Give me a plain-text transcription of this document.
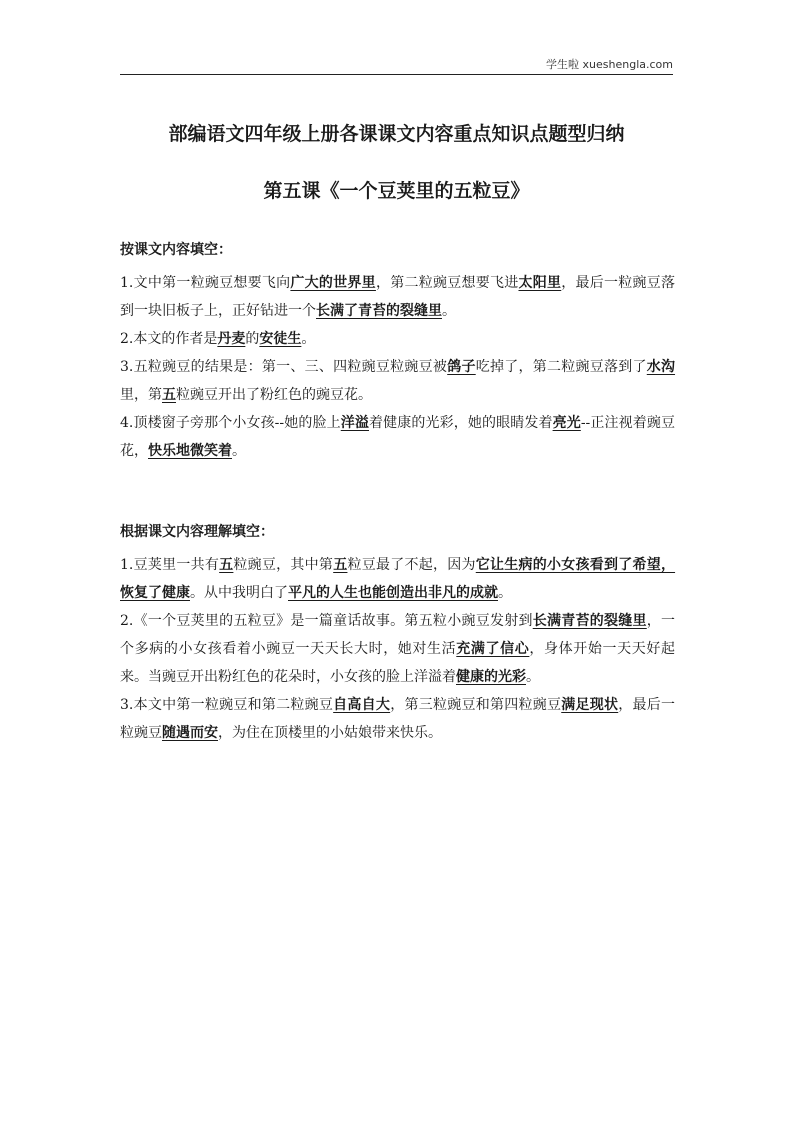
学生啦 xueshengla.com
部编语文四年级上册各课课文内容重点知识点题型归纳
第五课《一个豆荚里的五粒豆》

按课文内容填空：

1.文中第一粒豌豆想要飞向广大的世界里，第二粒豌豆想要飞进太阳里，最后一粒豌豆落到一块旧板子上，正好钻进一个长满了青苔的裂缝里。

2.本文的作者是丹麦的安徒生。

3.五粒豌豆的结果是：第一、三、四粒豌豆粒豌豆被鸽子吃掉了，第二粒豌豆落到了水沟里，第五粒豌豆开出了粉红色的豌豆花。

4.顶楼窗子旁那个小女孩--她的脸上洋溢着健康的光彩，她的眼睛发着亮光--正注视着豌豆花，快乐地微笑着。

根据课文内容理解填空：

1.豆荚里一共有五粒豌豆，其中第五粒豆最了不起，因为它让生病的小女孩看到了希望，恢复了健康。从中我明白了平凡的人生也能创造出非凡的成就。

2.《一个豆荚里的五粒豆》是一篇童话故事。第五粒小豌豆发射到长满青苔的裂缝里，一个多病的小女孩看着小豌豆一天天长大时，她对生活充满了信心，身体开始一天天好起来。当豌豆开出粉红色的花朵时，小女孩的脸上洋溢着健康的光彩。

3.本文中第一粒豌豆和第二粒豌豆自高自大，第三粒豌豆和第四粒豌豆满足现状，最后一粒豌豆随遇而安，为住在顶楼里的小姑娘带来快乐。
